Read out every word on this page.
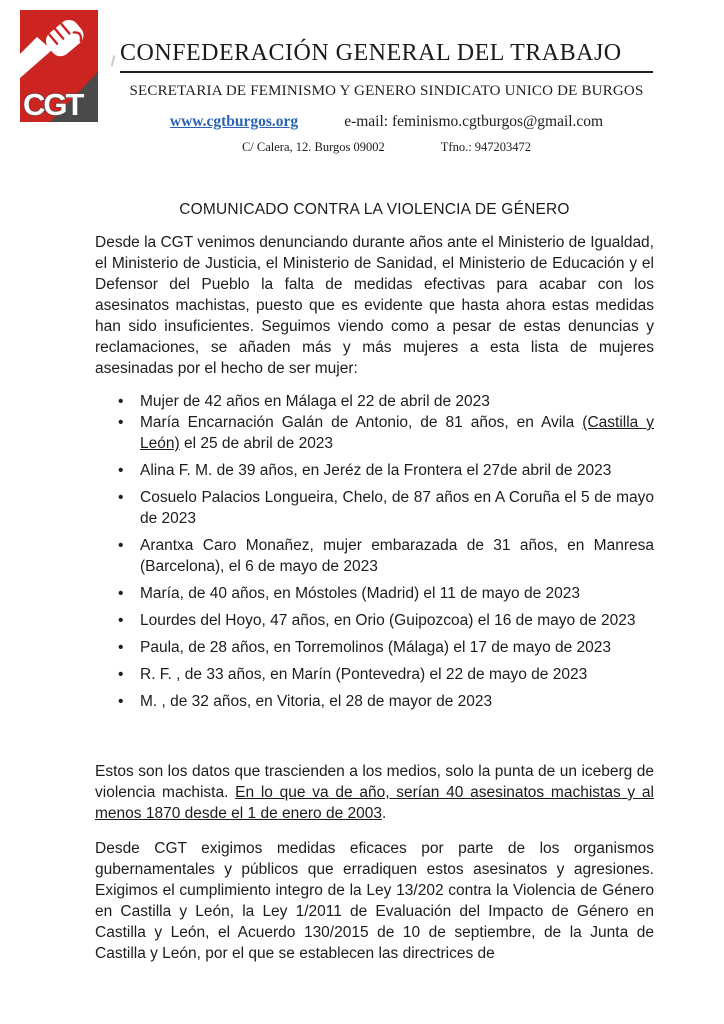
CGT
CONFEDERACIÓN GENERAL DEL TRABAJO
SECRETARIA DE FEMINISMO Y GENERO SINDICATO UNICO DE BURGOS
www.cgtburgos.org	e-mail: feminismo.cgtburgos@gmail.com
C/ Calera, 12. Burgos 09002	Tfno.: 947203472
COMUNICADO CONTRA LA VIOLENCIA DE GÉNERO

Desde la CGT venimos denunciando durante años ante el Ministerio de Igualdad, el Ministerio de Justicia, el Ministerio de Sanidad, el Ministerio de Educación y el Defensor del Pueblo la falta de medidas efectivas para acabar con los asesinatos machistas, puesto que es evidente que hasta ahora estas medidas han sido insuficientes. Seguimos viendo como a pesar de estas denuncias y reclamaciones, se añaden más y más mujeres a esta lista de mujeres asesinadas por el hecho de ser mujer:

• Mujer de 42 años en Málaga el 22 de abril de 2023
• María Encarnación Galán de Antonio, de 81 años, en Avila (Castilla y León) el 25 de abril de 2023
• Alina F. M. de 39 años, en Jeréz de la Frontera el 27de abril de 2023
• Cosuelo Palacios Longueira, Chelo, de 87 años en A Coruña el 5 de mayo de 2023
• Arantxa Caro Monañez, mujer embarazada de 31 años, en Manresa (Barcelona), el 6 de mayo de 2023
• María, de 40 años, en Móstoles (Madrid) el 11 de mayo de 2023
• Lourdes del Hoyo, 47 años, en Orio (Guipozcoa) el 16 de mayo de 2023
• Paula, de 28 años, en Torremolinos (Málaga) el 17 de mayo de 2023
• R. F. , de 33 años, en Marín (Pontevedra) el 22 de mayo de 2023
• M. , de 32 años, en Vitoria, el 28 de mayor de 2023

Estos son los datos que trascienden a los medios, solo la punta de un iceberg de violencia machista. En lo que va de año, serían 40 asesinatos machistas y al menos 1870 desde el 1 de enero de 2003.

Desde CGT exigimos medidas eficaces por parte de los organismos gubernamentales y públicos que erradiquen estos asesinatos y agresiones. Exigimos el cumplimiento integro de la Ley 13/202 contra la Violencia de Género en Castilla y León, la Ley 1/2011 de Evaluación del Impacto de Género en Castilla y León, el Acuerdo 130/2015 de 10 de septiembre, de la Junta de Castilla y León, por el que se establecen las directrices de
